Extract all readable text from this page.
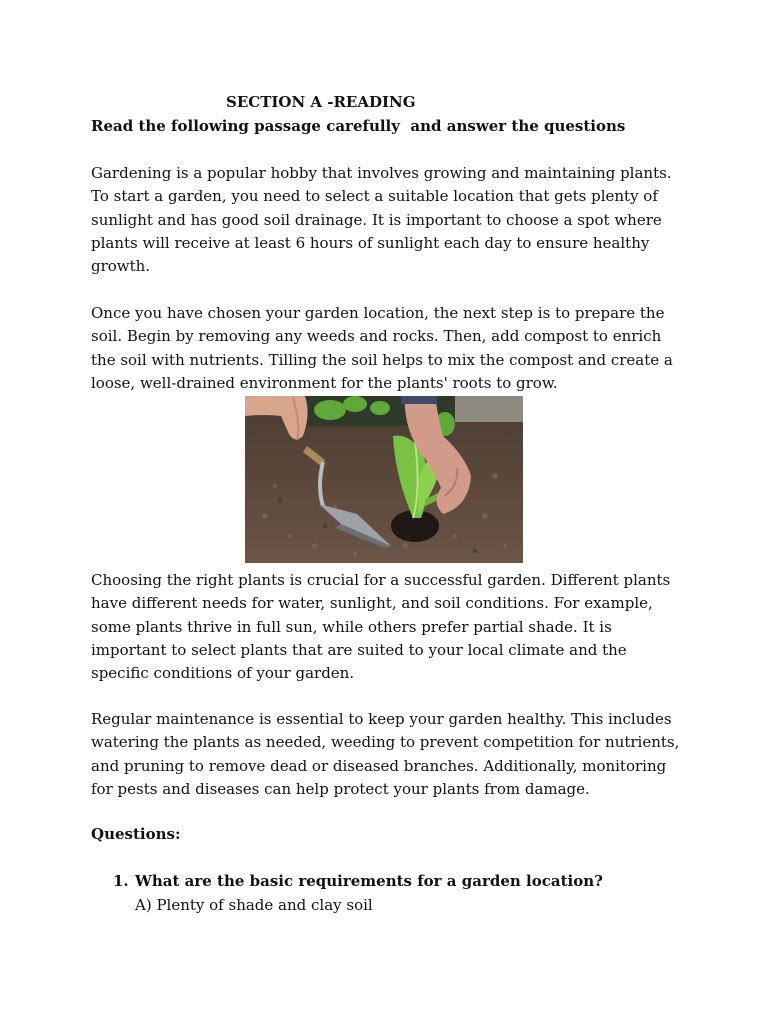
SECTION A -READING
Read the following passage carefully  and answer the questions

Gardening is a popular hobby that involves growing and maintaining plants. To start a garden, you need to select a suitable location that gets plenty of sunlight and has good soil drainage. It is important to choose a spot where plants will receive at least 6 hours of sunlight each day to ensure healthy growth.

Once you have chosen your garden location, the next step is to prepare the soil. Begin by removing any weeds and rocks. Then, add compost to enrich the soil with nutrients. Tilling the soil helps to mix the compost and create a loose, well-drained environment for the plants' roots to grow.

Choosing the right plants is crucial for a successful garden. Different plants have different needs for water, sunlight, and soil conditions. For example, some plants thrive in full sun, while others prefer partial shade. It is important to select plants that are suited to your local climate and the specific conditions of your garden.

Regular maintenance is essential to keep your garden healthy. This includes watering the plants as needed, weeding to prevent competition for nutrients, and pruning to remove dead or diseased branches. Additionally, monitoring for pests and diseases can help protect your plants from damage.

Questions:
1. What are the basic requirements for a garden location?
A) Plenty of shade and clay soil
